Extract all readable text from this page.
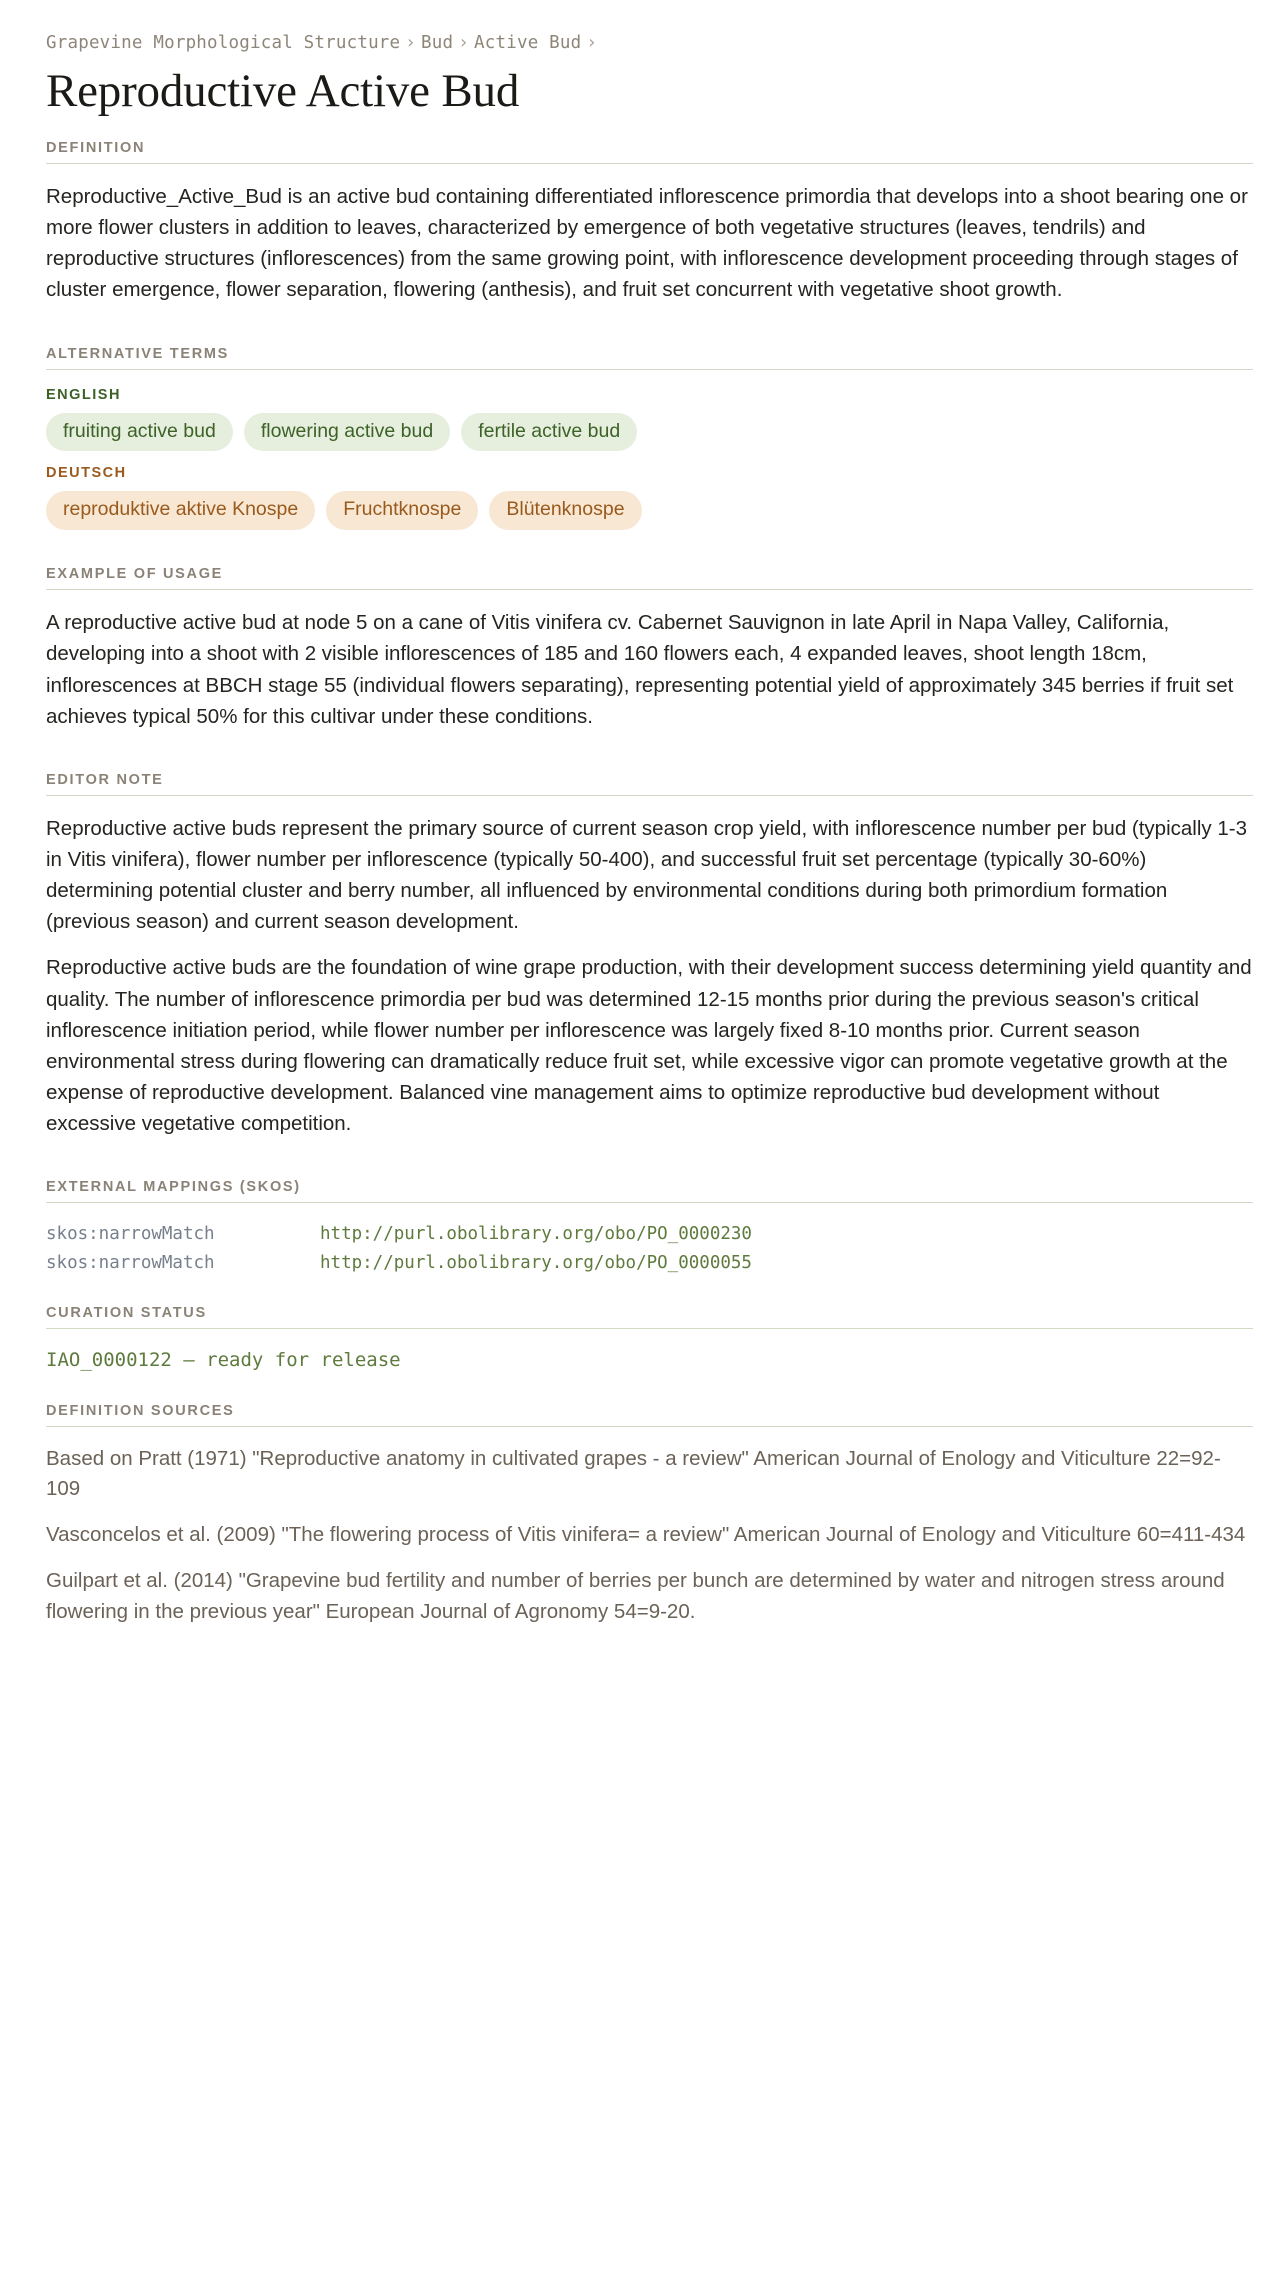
Grapevine Morphological Structure › Bud › Active Bud ›
Reproductive Active Bud
DEFINITION

Reproductive_Active_Bud is an active bud containing differentiated inflorescence primordia that develops into a shoot bearing one or more flower clusters in addition to leaves, characterized by emergence of both vegetative structures (leaves, tendrils) and reproductive structures (inflorescences) from the same growing point, with inflorescence development proceeding through stages of cluster emergence, flower separation, flowering (anthesis), and fruit set concurrent with vegetative shoot growth.

ALTERNATIVE TERMS
ENGLISH
fruiting active bud	flowering active bud	fertile active bud
DEUTSCH
reproduktive aktive Knospe	Fruchtknospe	Blütenknospe
EXAMPLE OF USAGE

A reproductive active bud at node 5 on a cane of Vitis vinifera cv. Cabernet Sauvignon in late April in Napa Valley, California, developing into a shoot with 2 visible inflorescences of 185 and 160 flowers each, 4 expanded leaves, shoot length 18cm, inflorescences at BBCH stage 55 (individual flowers separating), representing potential yield of approximately 345 berries if fruit set achieves typical 50% for this cultivar under these conditions.

EDITOR NOTE

Reproductive active buds represent the primary source of current season crop yield, with inflorescence number per bud (typically 1-3 in Vitis vinifera), flower number per inflorescence (typically 50-400), and successful fruit set percentage (typically 30-60%) determining potential cluster and berry number, all influenced by environmental conditions during both primordium formation (previous season) and current season development.

Reproductive active buds are the foundation of wine grape production, with their development success determining yield quantity and quality. The number of inflorescence primordia per bud was determined 12-15 months prior during the previous season's critical inflorescence initiation period, while flower number per inflorescence was largely fixed 8-10 months prior. Current season environmental stress during flowering can dramatically reduce fruit set, while excessive vigor can promote vegetative growth at the expense of reproductive development. Balanced vine management aims to optimize reproductive bud development without excessive vegetative competition.

EXTERNAL MAPPINGS (SKOS)
skos:narrowMatch	http://purl.obolibrary.org/obo/PO_0000230
skos:narrowMatch	http://purl.obolibrary.org/obo/PO_0000055
CURATION STATUS
IAO_0000122 — ready for release
DEFINITION SOURCES

Based on Pratt (1971) "Reproductive anatomy in cultivated grapes - a review" American Journal of Enology and Viticulture 22=92-109

Vasconcelos et al. (2009) "The flowering process of Vitis vinifera= a review" American Journal of Enology and Viticulture 60=411-434

Guilpart et al. (2014) "Grapevine bud fertility and number of berries per bunch are determined by water and nitrogen stress around flowering in the previous year" European Journal of Agronomy 54=9-20.
